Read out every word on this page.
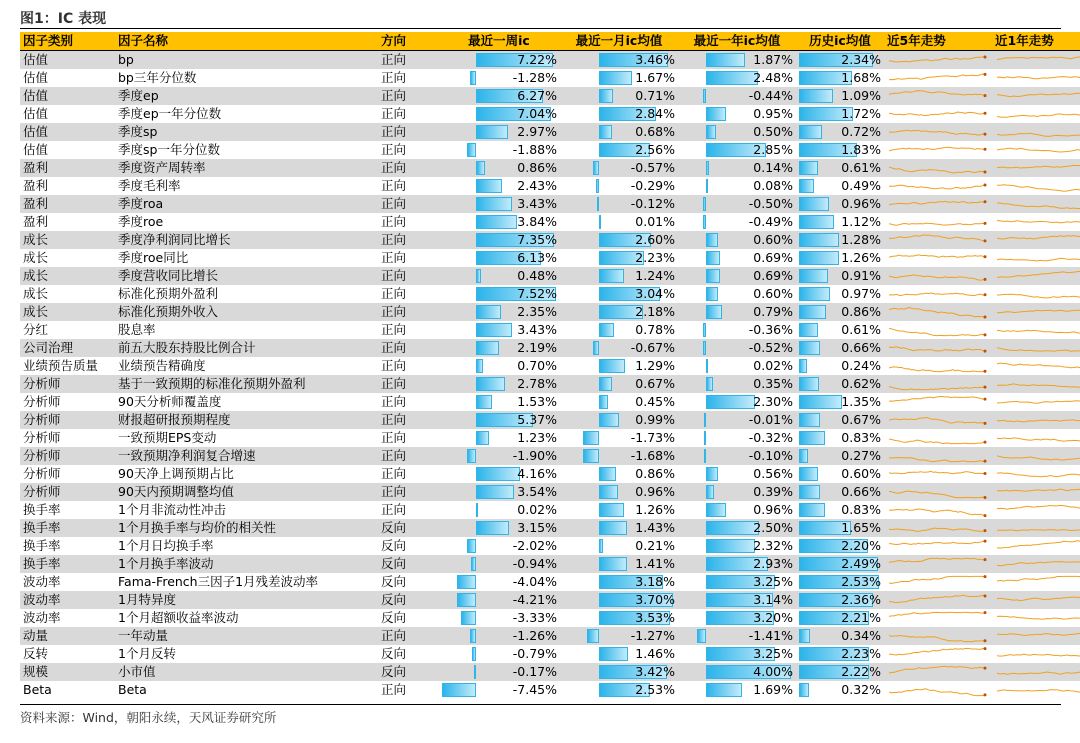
图1：IC 表现
因子类别	因子名称	方向	最近一周ic	最近一月ic均值	最近一年ic均值	历史ic均值	近5年走势	近1年走势
估值	bp	正向	7.22%	3.46%	1.87%	2.34%	

估值	bp三年分位数	正向	-1.28%	1.67%	2.48%	1.68%	

估值	季度ep	正向	6.27%	0.71%	-0.44%	1.09%	

估值	季度ep一年分位数	正向	7.04%	2.84%	0.95%	1.72%	

估值	季度sp	正向	2.97%	0.68%	0.50%	0.72%	

估值	季度sp一年分位数	正向	-1.88%	2.56%	2.85%	1.83%	

盈利	季度资产周转率	正向	0.86%	-0.57%	0.14%	0.61%	

盈利	季度毛利率	正向	2.43%	-0.29%	0.08%	0.49%	

盈利	季度roa	正向	3.43%	-0.12%	-0.50%	0.96%	

盈利	季度roe	正向	3.84%	0.01%	-0.49%	1.12%	

成长	季度净利润同比增长	正向	7.35%	2.60%	0.60%	1.28%	

成长	季度roe同比	正向	6.13%	2.23%	0.69%	1.26%	

成长	季度营收同比增长	正向	0.48%	1.24%	0.69%	0.91%	

成长	标准化预期外盈利	正向	7.52%	3.04%	0.60%	0.97%	

成长	标准化预期外收入	正向	2.35%	2.18%	0.79%	0.86%	

分红	股息率	正向	3.43%	0.78%	-0.36%	0.61%	

公司治理	前五大股东持股比例合计	正向	2.19%	-0.67%	-0.52%	0.66%	

业绩预告质量	业绩预告精确度	正向	0.70%	1.29%	0.02%	0.24%	

分析师	基于一致预期的标准化预期外盈利	正向	2.78%	0.67%	0.35%	0.62%	

分析师	90天分析师覆盖度	正向	1.53%	0.45%	2.30%	1.35%	

分析师	财报超研报预期程度	正向	5.37%	0.99%	-0.01%	0.67%	

分析师	一致预期EPS变动	正向	1.23%	-1.73%	-0.32%	0.83%	

分析师	一致预期净利润复合增速	正向	-1.90%	-1.68%	-0.10%	0.27%	

分析师	90天净上调预期占比	正向	4.16%	0.86%	0.56%	0.60%	

分析师	90天内预期调整均值	正向	3.54%	0.96%	0.39%	0.66%	

换手率	1个月非流动性冲击	正向	0.02%	1.26%	0.96%	0.83%	

换手率	1个月换手率与均价的相关性	反向	3.15%	1.43%	2.50%	1.65%	

换手率	1个月日均换手率	反向	-2.02%	0.21%	2.32%	2.20%	

换手率	1个月换手率波动	反向	-0.94%	1.41%	2.93%	2.49%	

波动率	Fama-French三因子1月残差波动率	反向	-4.04%	3.18%	3.25%	2.53%	

波动率	1月特异度	反向	-4.21%	3.70%	3.14%	2.36%	

波动率	1个月超额收益率波动	反向	-3.33%	3.53%	3.20%	2.21%	

动量	一年动量	正向	-1.26%	-1.27%	-1.41%	0.34%	

反转	1个月反转	反向	-0.79%	1.46%	3.25%	2.23%	

规模	小市值	反向	-0.17%	3.42%	4.00%	2.22%	

Beta	Beta	正向	-7.45%	2.53%	1.69%	0.32%	

资料来源：Wind，朝阳永续，天风证券研究所
